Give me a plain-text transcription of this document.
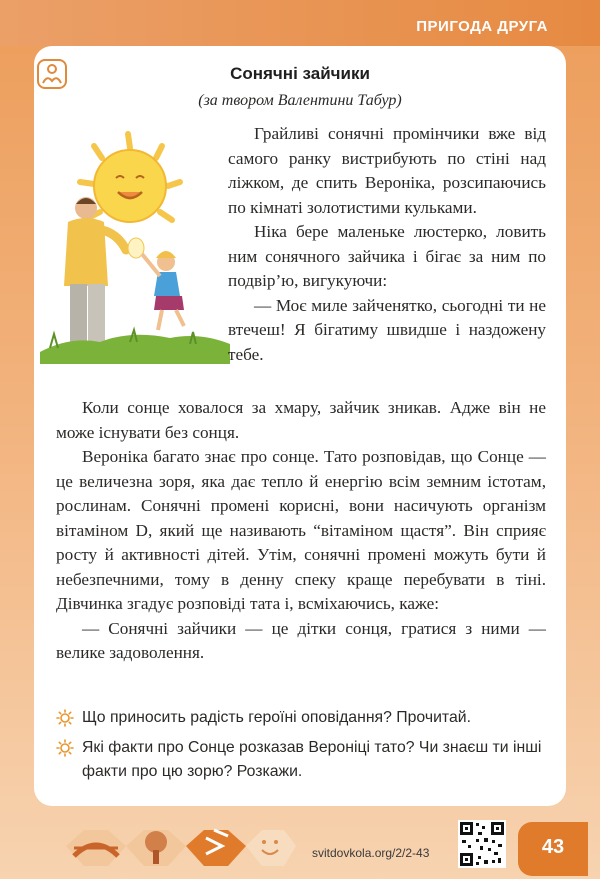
ПРИГОДА ДРУГА
Сонячні зайчики
(за твором Валентини Табур)

Грайливі сонячні промінчики вже від самого ранку вистрибують по стіні над ліжком, де спить Вероніка, розсипаючись по кімнаті золотистими кульками.

Ніка бере маленьке люстерко, ловить ним сонячного зайчика і бігає за ним по подвір’ю, вигукуючи:

— Моє миле зайченятко, сьогодні ти не втечеш! Я бігатиму швидше і наздожену тебе.

Коли сонце ховалося за хмару, зайчик зникав. Адже він не може існувати без сонця.

Вероніка багато знає про сонце. Тато розповідав, що Сонце — це величезна зоря, яка дає тепло й енергію всім земним істотам, рослинам. Сонячні промені корисні, вони насичують організм вітаміном D, який ще називають “вітаміном щастя”. Він сприяє росту й активності дітей. Утім, сонячні промені можуть бути й небезпечними, тому в денну спеку краще перебувати в тіні. Дівчинка згадує розповіді тата і, всміхаючись, каже:

— Сонячні зайчики — це дітки сонця, гратися з ними — велике задоволення.

Що приносить радість героїні оповідання? Прочитай.
Які факти про Сонце розказав Вероніці тато? Чи знаєш ти інші факти про цю зорю? Розкажи.
svitdovkola.org/2/2-43	43
